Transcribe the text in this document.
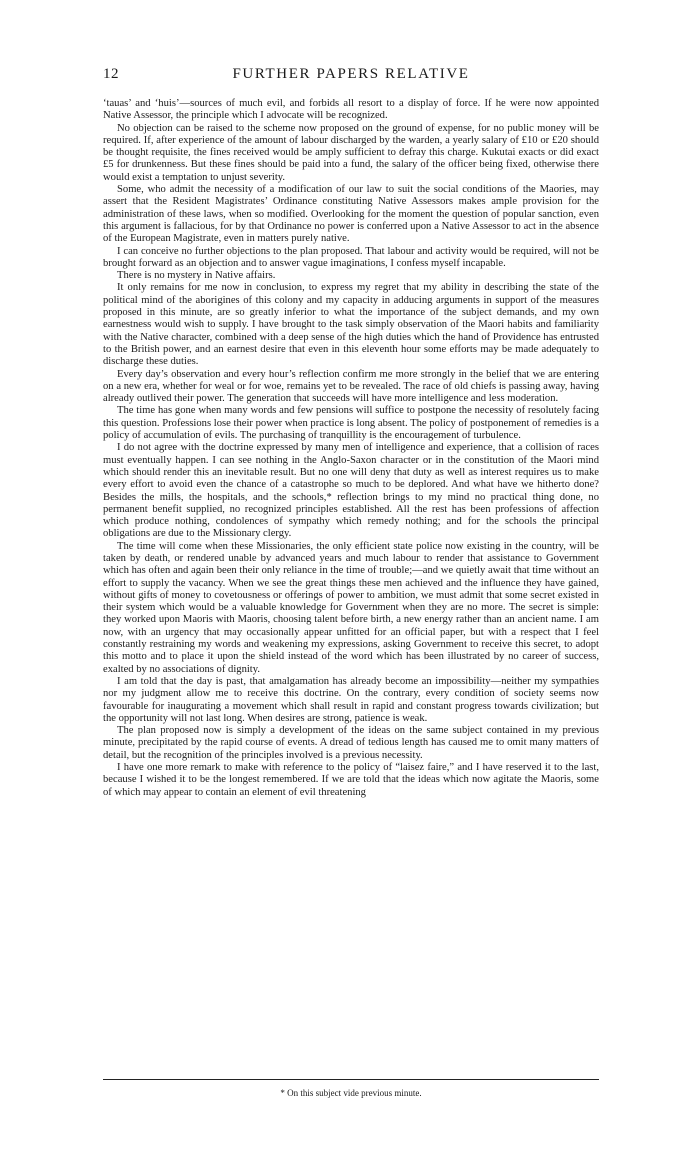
12	FURTHER PAPERS RELATIVE

‘tauas’ and ‘huis’—sources of much evil, and forbids all resort to a display of force. If he were now appointed Native Assessor, the principle which I advocate will be recognized.

No objection can be raised to the scheme now proposed on the ground of expense, for no public money will be required. If, after experience of the amount of labour discharged by the warden, a yearly salary of £10 or £20 should be thought requisite, the fines received would be amply sufficient to defray this charge. Kukutai exacts or did exact £5 for drunkenness. But these fines should be paid into a fund, the salary of the officer being fixed, otherwise there would exist a temptation to unjust severity.

Some, who admit the necessity of a modification of our law to suit the social conditions of the Maories, may assert that the Resident Magistrates’ Ordinance constituting Native Assessors makes ample provision for the administration of these laws, when so modified. Overlooking for the moment the question of popular sanction, even this argument is fallacious, for by that Ordinance no power is conferred upon a Native Assessor to act in the absence of the European Magistrate, even in matters purely native.

I can conceive no further objections to the plan proposed. That labour and activity would be required, will not be brought forward as an objection and to answer vague imaginations, I confess myself incapable.

There is no mystery in Native affairs.

It only remains for me now in conclusion, to express my regret that my ability in describing the state of the political mind of the aborigines of this colony and my capacity in adducing arguments in support of the measures proposed in this minute, are so greatly inferior to what the importance of the subject demands, and my own earnestness would wish to supply. I have brought to the task simply observation of the Maori habits and familiarity with the Native character, combined with a deep sense of the high duties which the hand of Providence has entrusted to the British power, and an earnest desire that even in this eleventh hour some efforts may be made adequately to discharge these duties.

Every day’s observation and every hour’s reflection confirm me more strongly in the belief that we are entering on a new era, whether for weal or for woe, remains yet to be revealed. The race of old chiefs is passing away, having already outlived their power. The generation that succeeds will have more intelligence and less moderation.

The time has gone when many words and few pensions will suffice to postpone the necessity of resolutely facing this question. Professions lose their power when practice is long absent. The policy of postponement of remedies is a policy of accumulation of evils. The purchasing of tranquillity is the encouragement of turbulence.

I do not agree with the doctrine expressed by many men of intelligence and experience, that a collision of races must eventually happen. I can see nothing in the Anglo-Saxon character or in the constitution of the Maori mind which should render this an inevitable result. But no one will deny that duty as well as interest requires us to make every effort to avoid even the chance of a catastrophe so much to be deplored. And what have we hitherto done? Besides the mills, the hospitals, and the schools,* reflection brings to my mind no practical thing done, no permanent benefit supplied, no recognized principles established. All the rest has been professions of affection which produce nothing, condolences of sympathy which remedy nothing; and for the schools the principal obligations are due to the Missionary clergy.

The time will come when these Missionaries, the only efficient state police now existing in the country, will be taken by death, or rendered unable by advanced years and much labour to render that assistance to Government which has often and again been their only reliance in the time of trouble;—and we quietly await that time without an effort to supply the vacancy. When we see the great things these men achieved and the influence they have gained, without gifts of money to covetousness or offerings of power to ambition, we must admit that some secret existed in their system which would be a valuable knowledge for Government when they are no more. The secret is simple: they worked upon Maoris with Maoris, choosing talent before birth, a new energy rather than an ancient name. I am now, with an urgency that may occasionally appear unfitted for an official paper, but with a respect that I feel constantly restraining my words and weakening my expressions, asking Government to receive this secret, to adopt this motto and to place it upon the shield instead of the word which has been illustrated by no career of success, exalted by no associations of dignity.

I am told that the day is past, that amalgamation has already become an impossibility—neither my sympathies nor my judgment allow me to receive this doctrine. On the contrary, every condition of society seems now favourable for inaugurating a movement which shall result in rapid and constant progress towards civilization; but the opportunity will not last long. When desires are strong, patience is weak.

The plan proposed now is simply a development of the ideas on the same subject contained in my previous minute, precipitated by the rapid course of events. A dread of tedious length has caused me to omit many matters of detail, but the recognition of the principles involved is a previous necessity.

I have one more remark to make with reference to the policy of “laisez faire,” and I have reserved it to the last, because I wished it to be the longest remembered. If we are told that the ideas which now agitate the Maoris, some of which may appear to contain an element of evil threatening

* On this subject vide previous minute.
